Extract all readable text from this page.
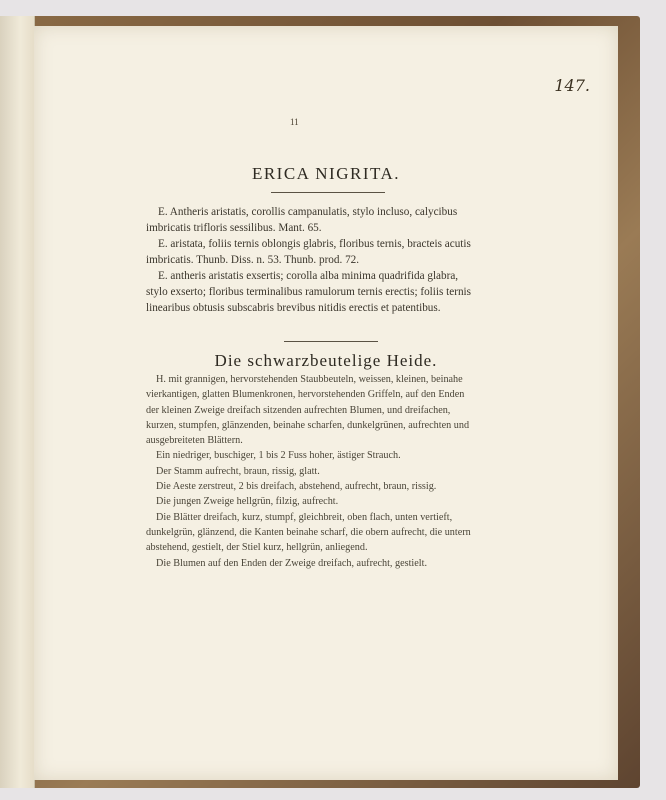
147.
11
ERICA NIGRITA.

E. Antheris aristatis, corollis campanulatis, stylo incluso, calycibus imbricatis trifloris sessilibus. Mant. 65.

E. aristata, foliis ternis oblongis glabris, floribus ternis, bracteis acutis imbricatis. Thunb. Diss. n. 53. Thunb. prod. 72.

E. antheris aristatis exsertis; corolla alba minima quadrifida glabra, stylo exserto; floribus terminalibus ramulorum ternis erectis; foliis ternis linearibus obtusis subscabris brevibus nitidis erectis et patentibus.

Die schwarzbeutelige Heide.

H. mit grannigen, hervorstehenden Staubbeuteln, weissen, kleinen, beinahe vierkantigen, glatten Blumenkronen, hervorstehenden Griffeln, auf den Enden der kleinen Zweige dreifach sitzenden aufrechten Blumen, und dreifachen, kurzen, stumpfen, glänzenden, beinahe scharfen, dunkelgrünen, aufrechten und ausgebreiteten Blättern.

Ein niedriger, buschiger, 1 bis 2 Fuss hoher, ästiger Strauch.

Der Stamm aufrecht, braun, rissig, glatt.

Die Aeste zerstreut, 2 bis dreifach, abstehend, aufrecht, braun, rissig.

Die jungen Zweige hellgrün, filzig, aufrecht.

Die Blätter dreifach, kurz, stumpf, gleichbreit, oben flach, unten vertieft, dunkelgrün, glänzend, die Kanten beinahe scharf, die obern aufrecht, die untern abstehend, gestielt, der Stiel kurz, hellgrün, anliegend.

Die Blumen auf den Enden der Zweige dreifach, aufrecht, gestielt.
